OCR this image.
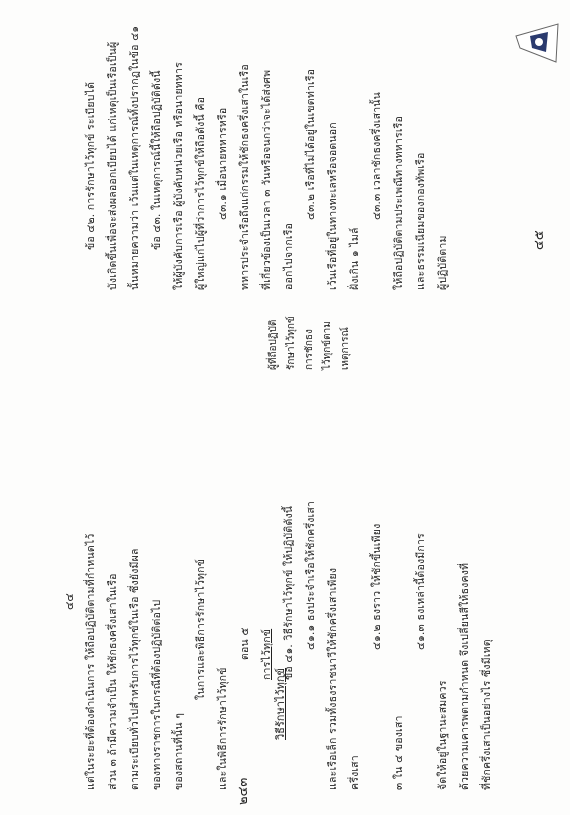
๒๔๓
๔๕
๔๔
ข้อ ๔๒. การรักษาไว้ทุกข์ ระเบียบได้ บังเกิดขึ้นเพื่อจะส่งผลออกเบียบได้ แก่เหตุเป็นเรือเป็นผู้ นั้นหมายความว่า เว้นแต่ในเหตุการณ์ทั้งปรากฏในข้อ ๔๑ ข้อ ๔๓. ในเหตุการณ์นี้ให้ถือปฏิบัติดังนี้ ให้ผู้บังคับการเรือ ผู้บังคับหน่วยเรือ หรือนายทหาร ผู้ใหญ่แก่ไปผู้ที่ว่าการไว้ทุกข์ให้ถือดังนี้ คือ ๔๓.๑ เมื่อนายทหารหรือ ทหารประจำเรือถึงแก่กรรมให้ชักธงครึ่งเสาในเรือ ที่เกี่ยวข้องเป็นเวลา ๓ วันหรือจนกว่าจะได้ส่งศพ ออกไปจากเรือ
๔๓.๒ เรือที่ไม่ได้อยู่ในเขตท่าเรือ เว้นเรือที่อยู่ในทางทะเลหรือจอดนอก ฝั่งเกิน ๑ ไมล์
๔๓.๓ เวลาชักธงครึ่งเสานั้น ให้ถือปฏิบัติตามประเพณีทางทหารเรือ และธรรมเนียมของกองทัพเรือ ผู้ปฏิบัติตาม
ผู้ที่ถือปฏิบัติ รักษาไว้ทุกข์ การชักธง ไว้ทุกข์ตาม เหตุการณ์
แต่ในระยะที่ต้องดำเนินการ ให้ถือปฏิบัติตามที่กำหนดไว้ ส่วน ๓ ถ้ามีความจำเป็น ให้ชักธงครึ่งเสาในเรือ ตามระเบียบทั่วไปสำหรับการไว้ทุกข์ในเรือ ซึ่งยังมีผล ของทางราชการในกรณีที่ต้องปฏิบัติต่อไป ของสถานที่นั้น ๆ
ในการและพิธีการรักษาไว้ทุกข์
และในพิธีการรักษาไว้ทุกข์
ตอน ๕ การไว้ทุกข์ ข้อ ๔๑. วิธีรักษาไว้ทุกข์ ให้ปฏิบัติดังนี้ ๔๑.๑ ธงประจำเรือให้ชักครึ่งเสา และเรือเล็ก รวมทั้งธงราชนาวีให้ชักครึ่งเสาเพียง ครึ่งเสา
๔๑.๒ ธงราว ให้ชักขึ้นเพียง
๓ ใน ๔ ของเสา
๔๑.๓ ธงเหล่านี้ต้องมีการ
จัดให้อยู่ในฐานะสมควร ด้วยความเคารพตามกำหนด จึงเปลี่ยนสีให้ธงคงที่ ที่ชักครึ่งเสาเป็นอย่างไร ซึ่งมีเหตุ
วิธีรักษาไว้ทุกข์
